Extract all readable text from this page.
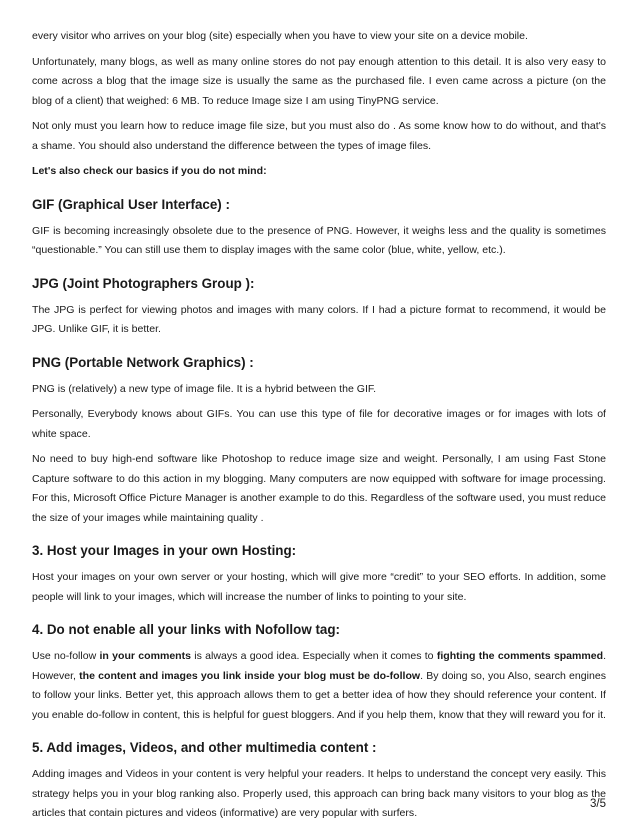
every visitor who arrives on your blog (site) especially when you have to view your site on a device mobile.

Unfortunately, many blogs, as well as many online stores do not pay enough attention to this detail. It is also very easy to come across a blog that the image size is usually the same as the purchased file. I even came across a picture (on the blog of a client) that weighed: 6 MB. To reduce Image size I am using TinyPNG service.

Not only must you learn how to reduce image file size, but you must also do . As some know how to do without, and that's a shame. You should also understand the difference between the types of image files.

Let's also check our basics if you do not mind:

GIF (Graphical User Interface) :

GIF is becoming increasingly obsolete due to the presence of PNG. However, it weighs less and the quality is sometimes “questionable.” You can still use them to display images with the same color (blue, white, yellow, etc.).

JPG (Joint Photographers Group ):

The JPG is perfect for viewing photos and images with many colors. If I had a picture format to recommend, it would be JPG. Unlike GIF, it is better.

PNG (Portable Network Graphics) :

PNG is (relatively) a new type of image file. It is a hybrid between the GIF.

Personally, Everybody knows about GIFs. You can use this type of file for decorative images or for images with lots of white space.

No need to buy high-end software like Photoshop to reduce image size and weight. Personally, I am using Fast Stone Capture software to do this action in my blogging. Many computers are now equipped with software for image processing. For this, Microsoft Office Picture Manager is another example to do this. Regardless of the software used, you must reduce the size of your images while maintaining quality .

3. Host your Images in your own Hosting:

Host your images on your own server or your hosting, which will give more “credit” to your SEO efforts. In addition, some people will link to your images, which will increase the number of links to pointing to your site.

4. Do not enable all your links with Nofollow tag:

Use no-follow in your comments is always a good idea. Especially when it comes to fighting the comments spammed. However, the content and images you link inside your blog must be do-follow. By doing so, you Also, search engines to follow your links. Better yet, this approach allows them to get a better idea of how they should reference your content. If you enable do-follow in content, this is helpful for guest bloggers. And if you help them, know that they will reward you for it.

5. Add images, Videos, and other multimedia content :

Adding images and Videos in your content is very helpful your readers. It helps to understand the concept very easily. This strategy helps you in your blog ranking also. Properly used, this approach can bring back many visitors to your blog as the articles that contain pictures and videos (informative) are very popular with surfers.

3/5
